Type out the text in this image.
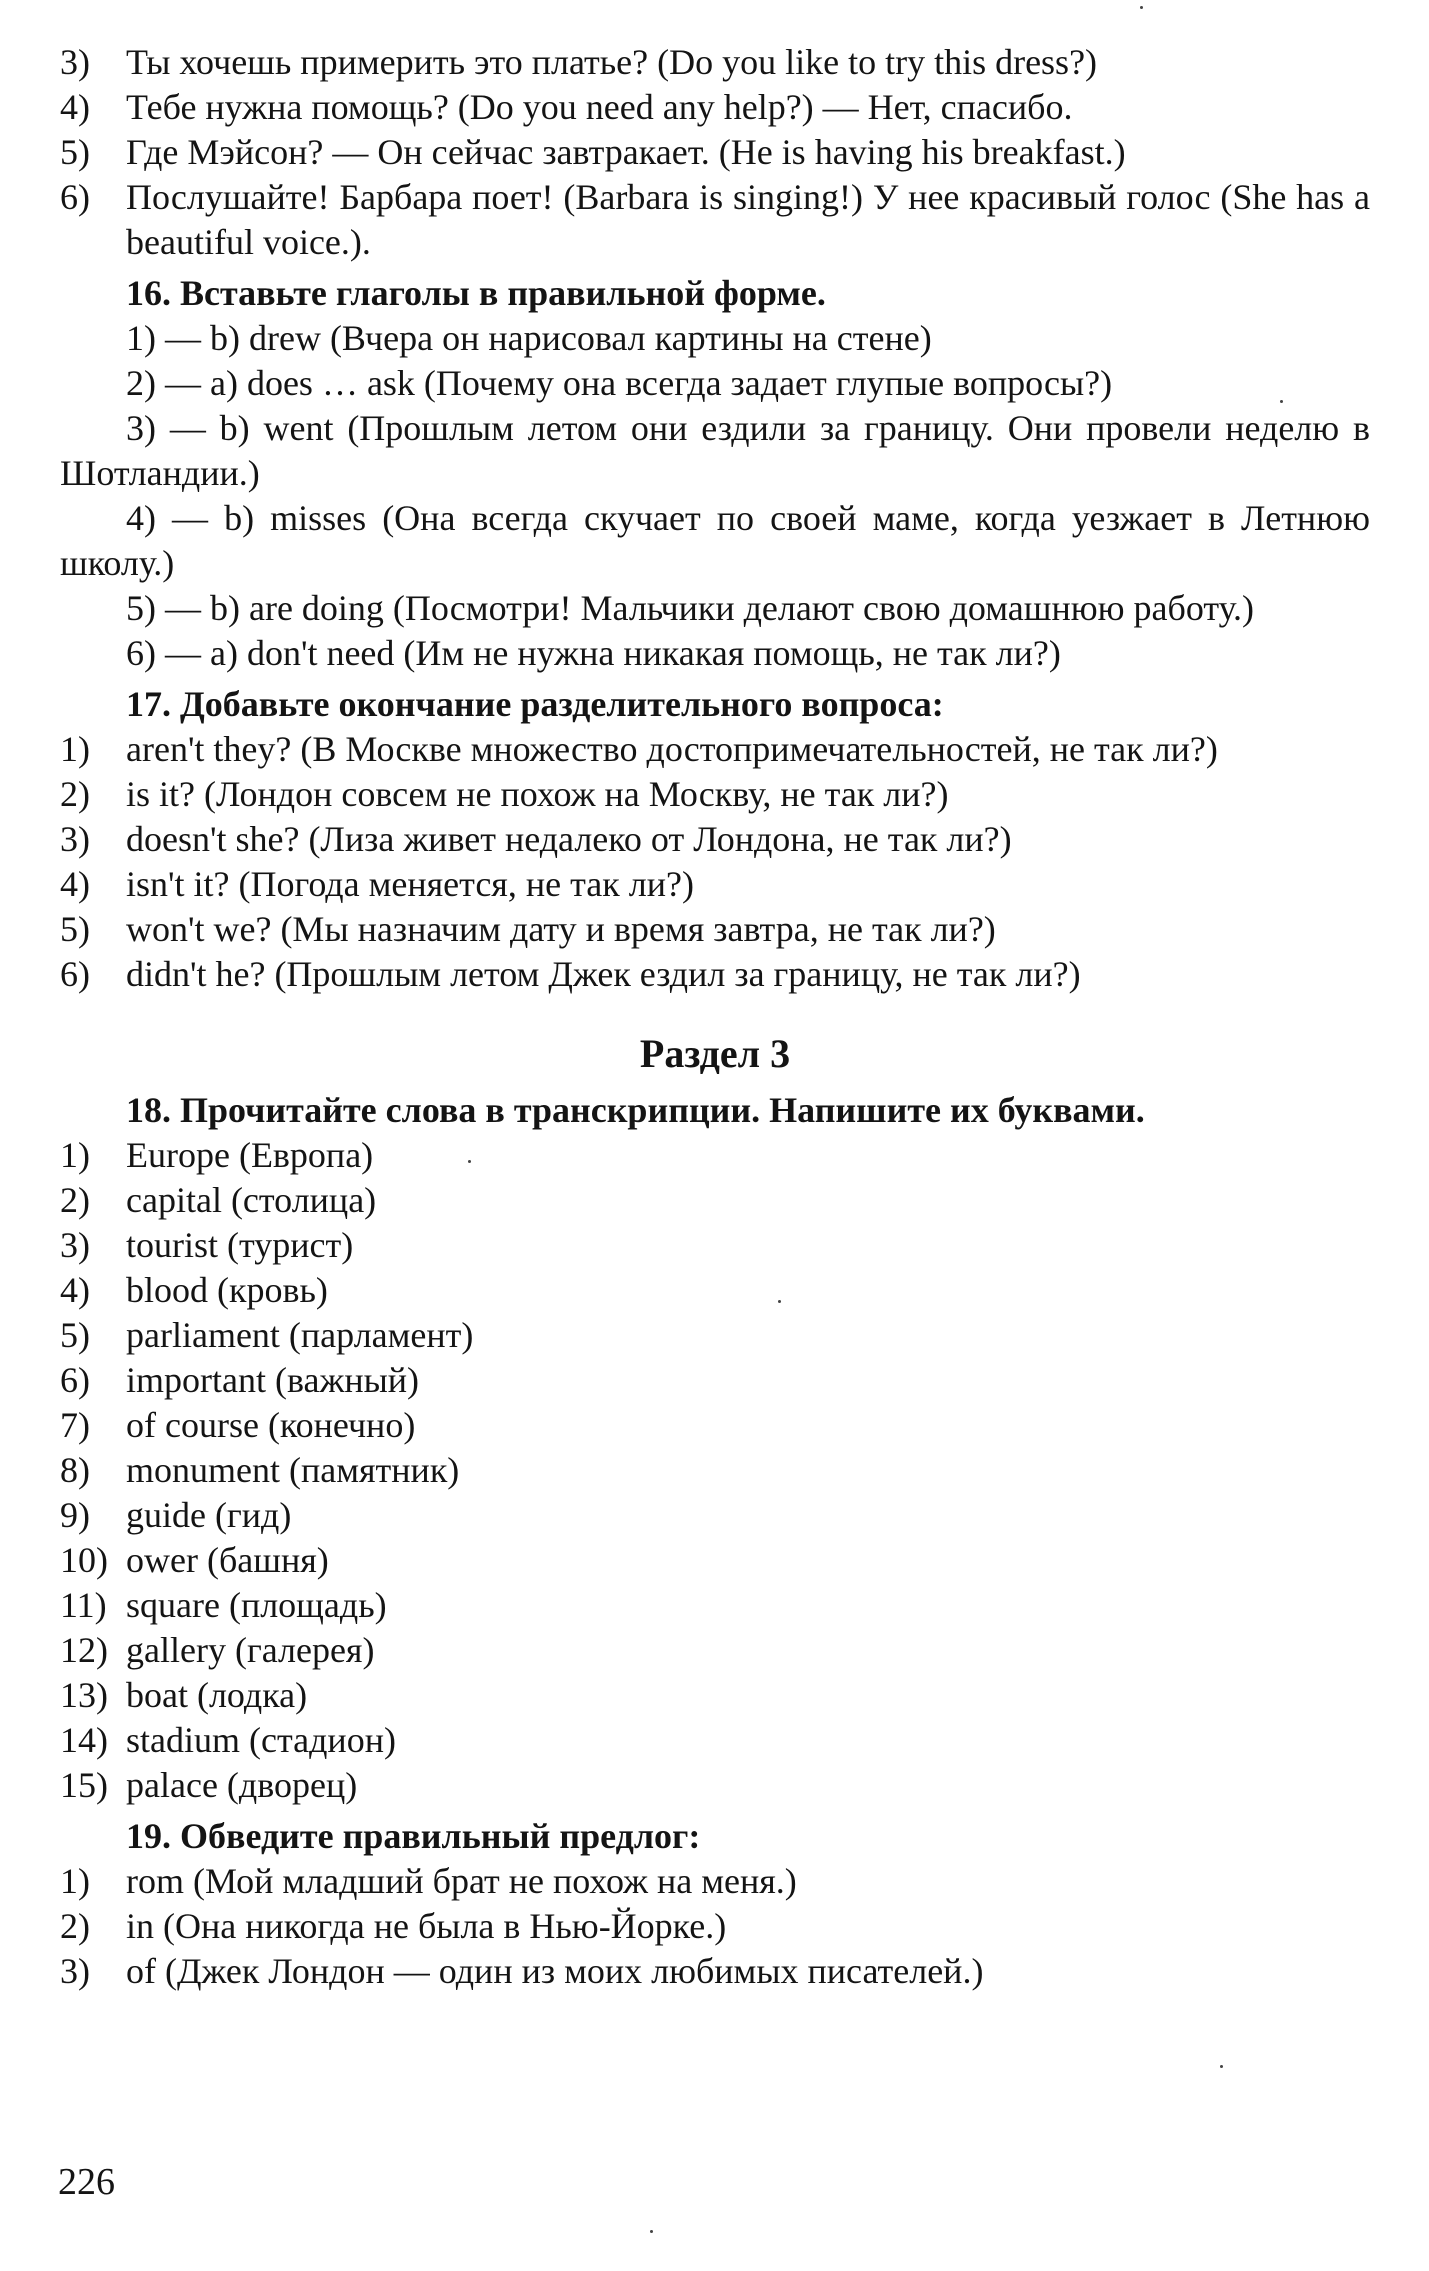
3)	Ты хочешь примерить это платье? (Do you like to try this dress?)
4)	Тебе нужна помощь? (Do you need any help?) — Нет, спасибо.
5)	Где Мэйсон? — Он сейчас завтракает. (He is having his breakfast.)
6)	Послушайте! Барбара поет! (Barbara is singing!) У нее красивый голос (She has a beautiful voice.).
16. Вставьте глаголы в правильной форме.
1) — b) drew (Вчера он нарисовал картины на стене)
2) — a) does … ask (Почему она всегда задает глупые вопросы?)
3) — b) went (Прошлым летом они ездили за границу. Они провели неделю в Шотландии.)
4) — b) misses (Она всегда скучает по своей маме, когда уезжает в Летнюю школу.)
5) — b) are doing (Посмотри! Мальчики делают свою домашнюю работу.)
6) — a) don't need (Им не нужна никакая помощь, не так ли?)
17. Добавьте окончание разделительного вопроса:
1)	aren't they? (В Москве множество достопримечательностей, не так ли?)
2)	is it? (Лондон совсем не похож на Москву, не так ли?)
3)	doesn't she? (Лиза живет недалеко от Лондона, не так ли?)
4)	isn't it? (Погода меняется, не так ли?)
5)	won't we? (Мы назначим дату и время завтра, не так ли?)
6)	didn't he? (Прошлым летом Джек ездил за границу, не так ли?)
Раздел 3
18. Прочитайте слова в транскрипции. Напишите их буквами.
1)	Europe (Европа)
2)	capital (столица)
3)	tourist (турист)
4)	blood (кровь)
5)	parliament (парламент)
6)	important (важный)
7)	of course (конечно)
8)	monument (памятник)
9)	guide (гид)
10) ower (башня)
11) square (площадь)
12) gallery (галерея)
13) boat (лодка)
14) stadium (стадион)
15) palace (дворец)
19. Обведите правильный предлог:
1)	rom (Мой младший брат не похож на меня.)
2)	in (Она никогда не была в Нью-Йорке.)
3)	of (Джек Лондон — один из моих любимых писателей.)
226
